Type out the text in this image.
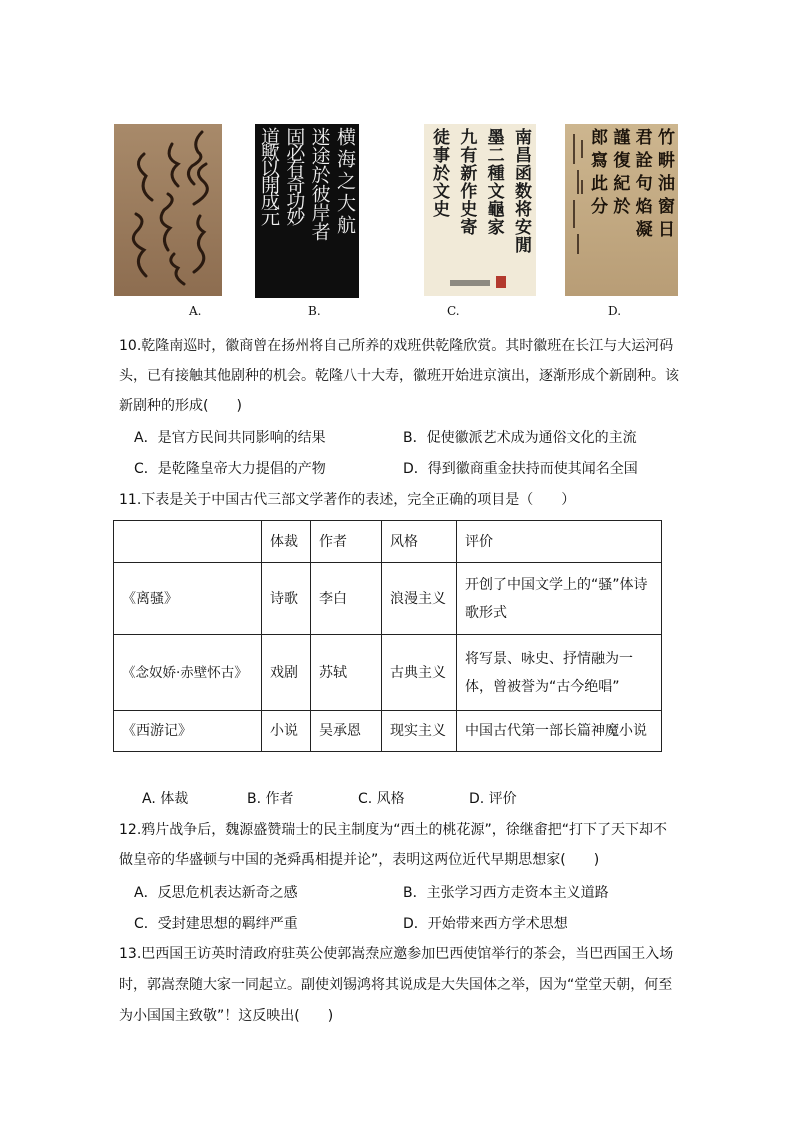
A.
横海之大航
迷途於彼岸者
固必有奇功妙
道歟以開成元
B.
南昌函数将安閒
墨二種文龜家
九有新作史寄
徒事於文史
C.
竹畊油窗日
君詮句焰凝
謹復紀於
郎寫此分
D.
10.乾隆南巡时，徽商曾在扬州将自己所养的戏班供乾隆欣赏。其时徽班在长江与大运河码
头，已有接触其他剧种的机会。乾隆八十大寿，徽班开始进京演出，逐渐形成个新剧种。该
新剧种的形成(　　)
A．是官方民间共同影响的结果	B．促使徽派艺术成为通俗文化的主流
C．是乾隆皇帝大力提倡的产物	D．得到徽商重金扶持而使其闻名全国
11.下表是关于中国古代三部文学著作的表述，完全正确的项目是（　　）
	体裁	作者	风格	评价
《离骚》	诗歌	李白	浪漫主义	开创了中国文学上的“骚”体诗歌形式
《念奴娇·赤壁怀古》	戏剧	苏轼	古典主义	将写景、咏史、抒情融为一体，曾被誉为“古今绝唱”
《西游记》	小说	吴承恩	现实主义	中国古代第一部长篇神魔小说
A. 体裁	B. 作者	C. 风格	D. 评价
12.鸦片战争后，魏源盛赞瑞士的民主制度为“西土的桃花源”，徐继畬把“打下了天下却不
做皇帝的华盛顿与中国的尧舜禹相提并论”，表明这两位近代早期思想家(　　)
A．反思危机表达新奇之感	B．主张学习西方走资本主义道路
C．受封建思想的羁绊严重	D．开始带来西方学术思想
13.巴西国王访英时清政府驻英公使郭嵩焘应邀参加巴西使馆举行的茶会，当巴西国王入场
时，郭嵩焘随大家一同起立。副使刘锡鸿将其说成是大失国体之举，因为“堂堂天朝，何至
为小国国主致敬”！这反映出(　　)
